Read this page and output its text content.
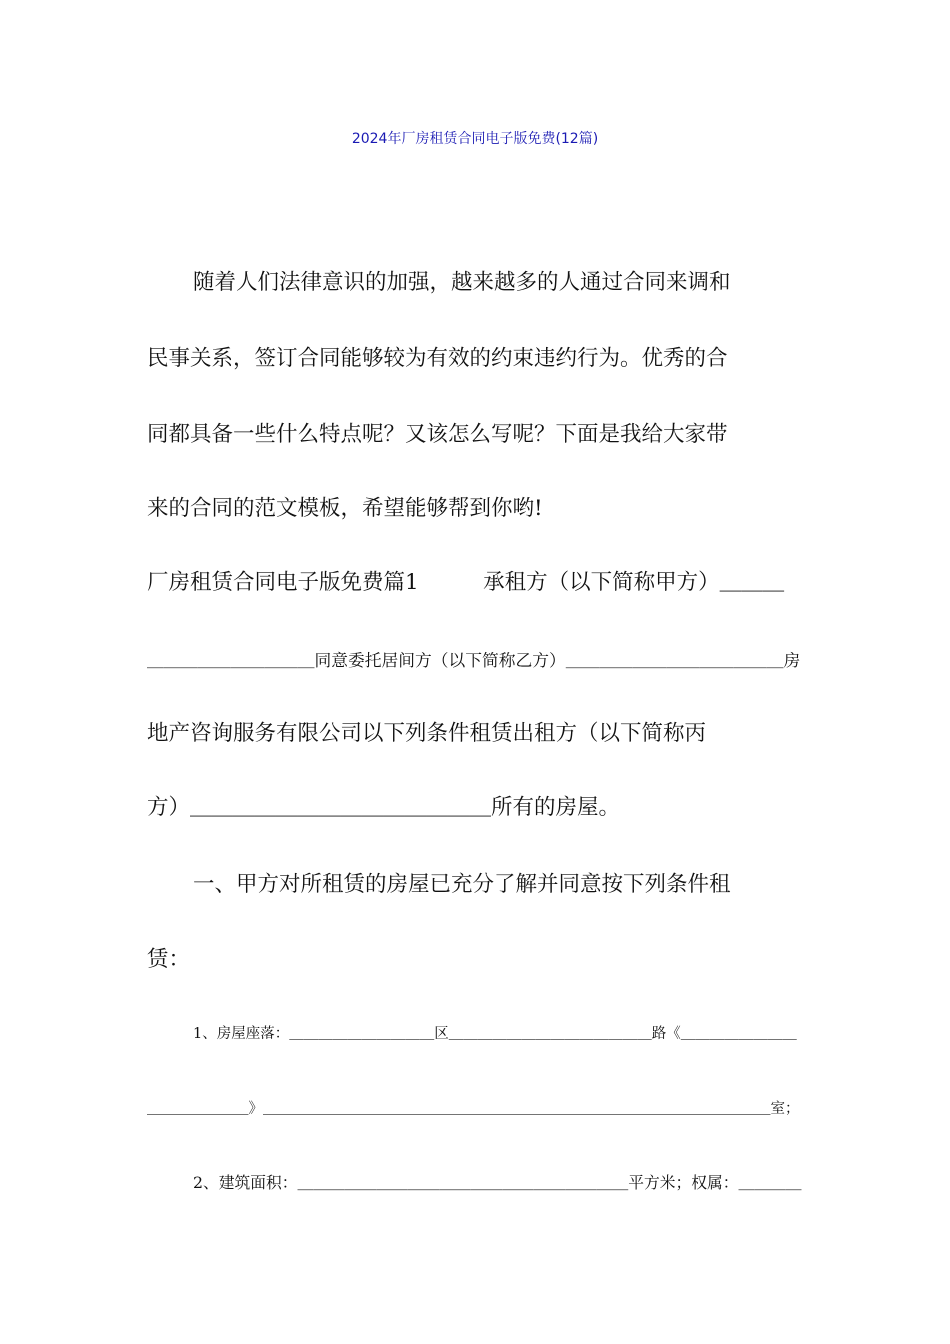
2024年厂房租赁合同电子版免费(12篇)
随着人们法律意识的加强，越来越多的人通过合同来调和
民事关系，签订合同能够较为有效的约束违约行为。优秀的合
同都具备一些什么特点呢？又该怎么写呢？下面是我给大家带
来的合同的范文模板，希望能够帮到你哟!
厂房租赁合同电子版免费篇1　　　承租方（以下简称甲方）＿＿＿
＿＿＿＿＿＿＿＿＿＿同意委托居间方（以下简称乙方）＿＿＿＿＿＿＿＿＿＿＿＿＿房
地产咨询服务有限公司以下列条件租赁出租方（以下简称丙
方）＿＿＿＿＿＿＿＿＿＿＿＿＿＿所有的房屋。
一、甲方对所租赁的房屋已充分了解并同意按下列条件租
赁：
1、房屋座落：＿＿＿＿＿＿＿＿＿＿区＿＿＿＿＿＿＿＿＿＿＿＿＿＿路《＿＿＿＿＿＿＿＿
＿＿＿＿＿＿＿》＿＿＿＿＿＿＿＿＿＿＿＿＿＿＿＿＿＿＿＿＿＿＿＿＿＿＿＿＿＿＿＿＿＿＿室；
2、建筑面积：＿＿＿＿＿＿＿＿＿＿＿＿＿＿＿＿＿＿＿＿＿平方米；权属：＿＿＿＿
